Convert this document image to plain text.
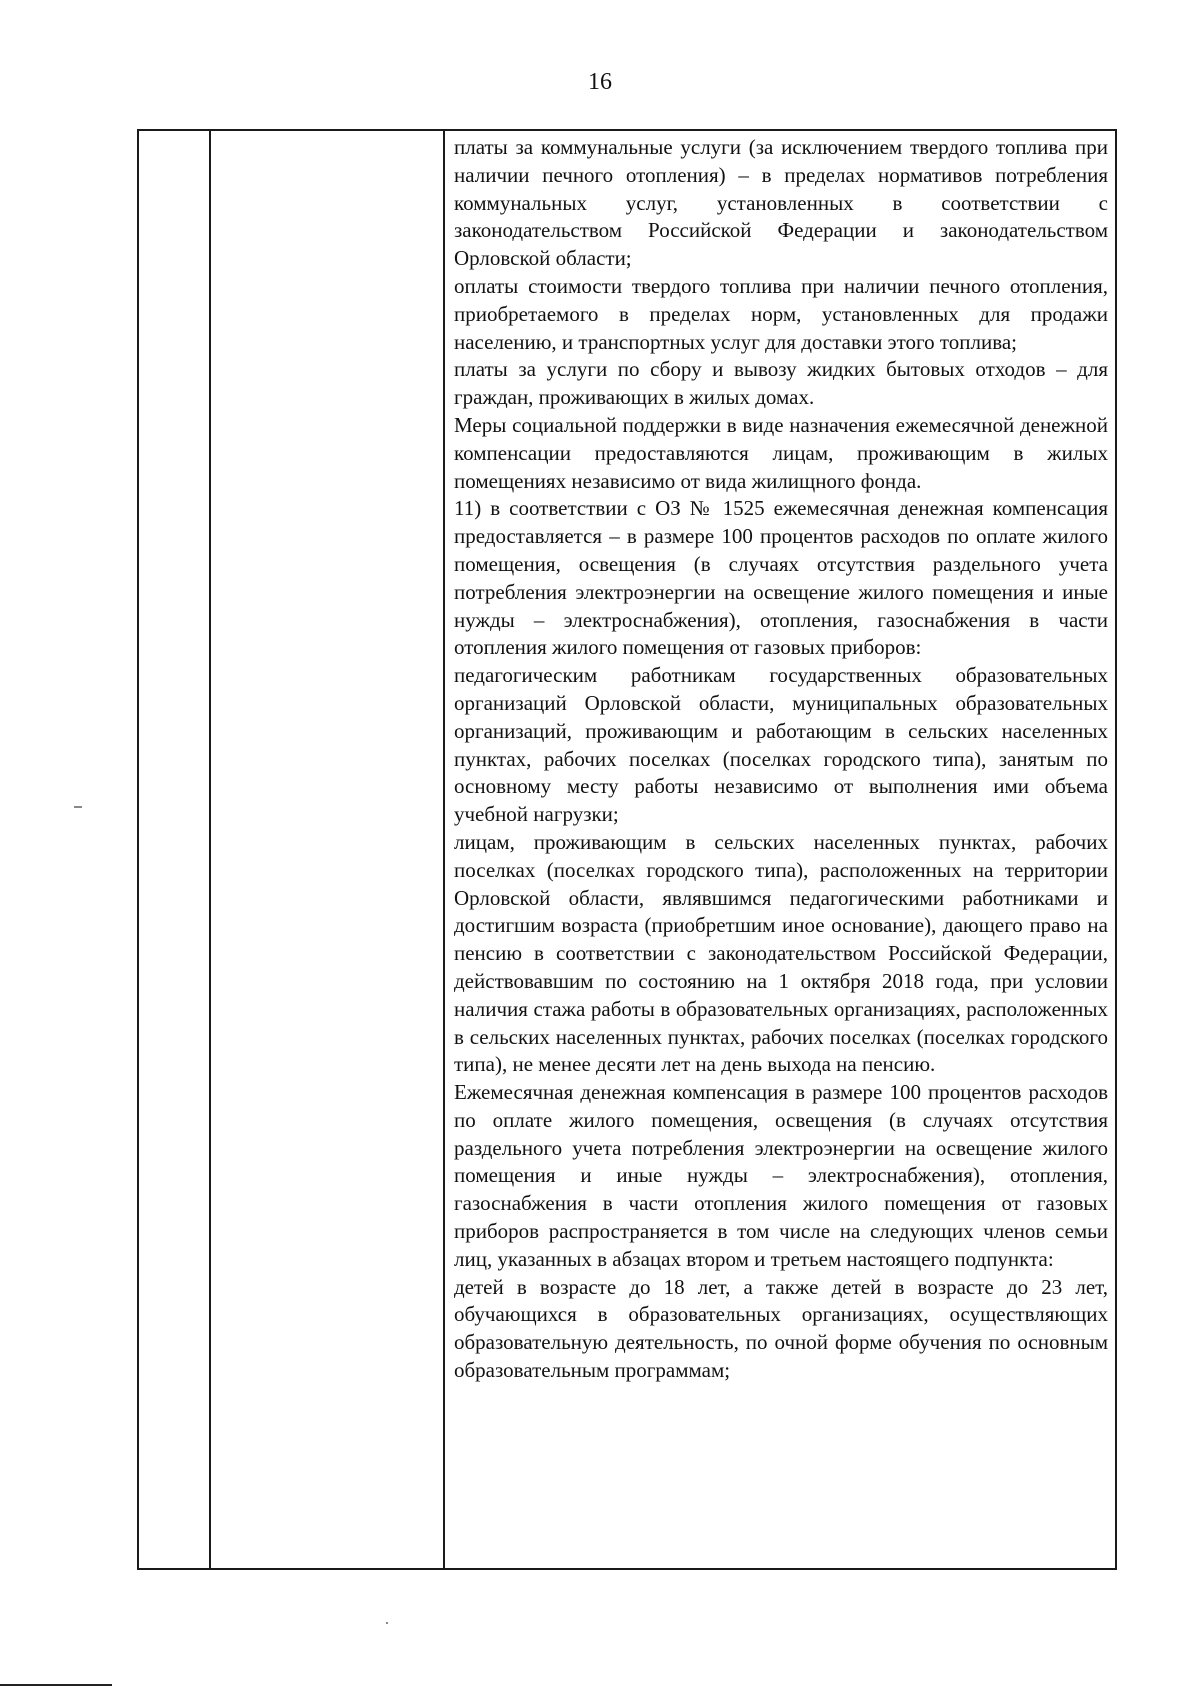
16

платы за коммунальные услуги (за исключением твердого топлива при наличии печного отопления) – в пределах нормативов потребления коммунальных услуг, установленных в соответствии с законодательством Российской Федерации и законодательством Орловской области;

оплаты стоимости твердого топлива при наличии печного отопления, приобретаемого в пределах норм, установленных для продажи населению, и транспортных услуг для доставки этого топлива;

платы за услуги по сбору и вывозу жидких бытовых отходов – для граждан, проживающих в жилых домах.

Меры социальной поддержки в виде назначения ежемесячной денежной компенсации предоставляются лицам, проживающим в жилых помещениях независимо от вида жилищного фонда.

11) в соответствии с ОЗ № 1525 ежемесячная денежная компенсация предоставляется – в размере 100 процентов расходов по оплате жилого помещения, освещения (в случаях отсутствия раздельного учета потребления электроэнергии на освещение жилого помещения и иные нужды – электроснабжения), отопления, газоснабжения в части отопления жилого помещения от газовых приборов:

педагогическим работникам государственных образовательных организаций Орловской области, муниципальных образовательных организаций, проживающим и работающим в сельских населенных пунктах, рабочих поселках (поселках городского типа), занятым по основному месту работы независимо от выполнения ими объема учебной нагрузки;

лицам, проживающим в сельских населенных пунктах, рабочих поселках (поселках городского типа), расположенных на территории Орловской области, являвшимся педагогическими работниками и достигшим возраста (приобретшим иное основание), дающего право на пенсию в соответствии с законодательством Российской Федерации, действовавшим по состоянию на 1 октября 2018 года, при условии наличия стажа работы в образовательных организациях, расположенных в сельских населенных пунктах, рабочих поселках (поселках городского типа), не менее десяти лет на день выхода на пенсию.

Ежемесячная денежная компенсация в размере 100 процентов расходов по оплате жилого помещения, освещения (в случаях отсутствия раздельного учета потребления электроэнергии на освещение жилого помещения и иные нужды – электроснабжения), отопления, газоснабжения в части отопления жилого помещения от газовых приборов распространяется в том числе на следующих членов семьи лиц, указанных в абзацах втором и третьем настоящего подпункта:

детей в возрасте до 18 лет, а также детей в возрасте до 23 лет, обучающихся в образовательных организациях, осуществляющих образовательную деятельность, по очной форме обучения по основным образовательным программам;
